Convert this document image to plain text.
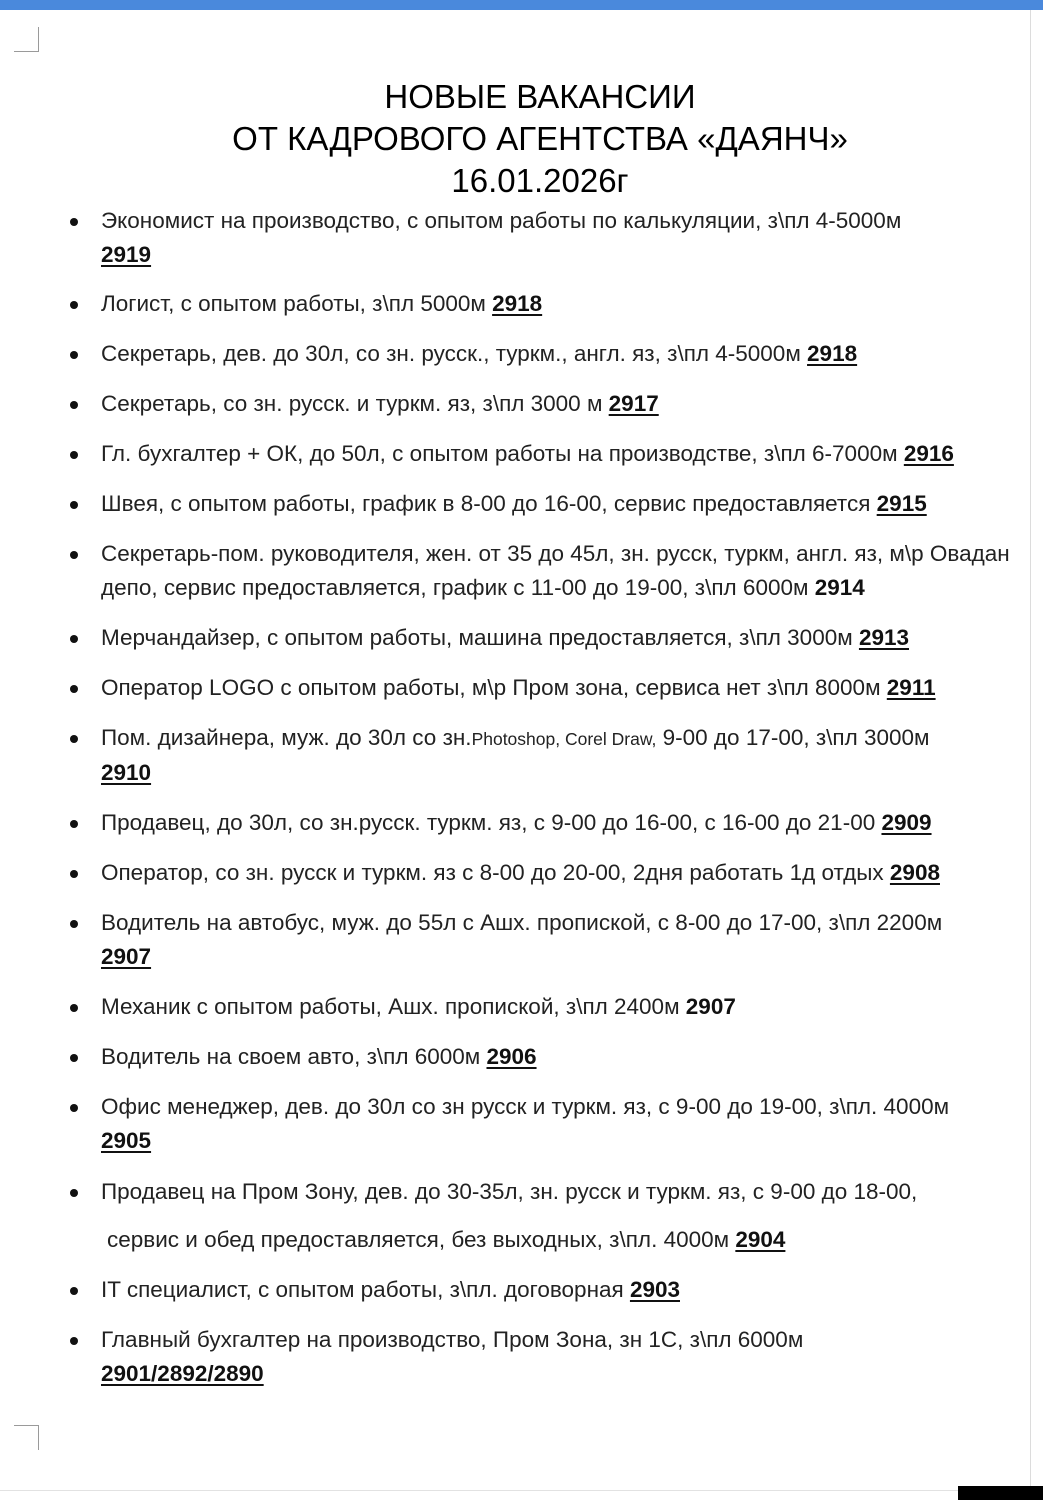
НОВЫЕ ВАКАНСИИ
ОТ КАДРОВОГО АГЕНТСТВА «ДАЯНЧ»
16.01.2026г
Экономист на производство, с опытом работы по калькуляции, з\пл 4-5000м
2919
Логист, с опытом работы, з\пл 5000м 2918
Секретарь, дев. до 30л, со зн. русск., туркм., англ. яз, з\пл 4-5000м 2918
Секретарь, со зн. русск. и туркм. яз, з\пл 3000 м 2917
Гл. бухгалтер + ОК, до 50л, с опытом работы на производстве, з\пл 6-7000м 2916
Швея, с опытом работы, график в 8-00 до 16-00, сервис предоставляется 2915
Секретарь-пом. руководителя, жен. от 35 до 45л, зн. русск, туркм, англ. яз, м\р Овадан депо, сервис предоставляется, график с 11-00 до 19-00, з\пл 6000м 2914
Мерчандайзер, с опытом работы, машина предоставляется, з\пл 3000м 2913
Оператор LOGO с опытом работы, м\р Пром зона, сервиса нет з\пл 8000м 2911
Пом. дизайнера, муж. до 30л со зн.Photoshop, Corel Draw, 9-00 до 17-00, з\пл 3000м
2910
Продавец, до 30л, со зн.русск. туркм. яз, с 9-00 до 16-00, с 16-00 до 21-00 2909
Оператор, со зн. русск и туркм. яз с 8-00 до 20-00, 2дня работать 1д отдых 2908
Водитель на автобус, муж. до 55л с Ашх. пропиской, с 8-00 до 17-00, з\пл 2200м
2907
Механик с опытом работы, Ашх. пропиской, з\пл 2400м 2907
Водитель на своем авто, з\пл 6000м 2906
Офис менеджер, дев. до 30л со зн русск и туркм. яз, с 9-00 до 19-00, з\пл. 4000м
2905
Продавец на Пром Зону, дев. до 30-35л, зн. русск и туркм. яз, с 9-00 до 18-00,
сервис и обед предоставляется, без выходных, з\пл. 4000м 2904
IT специалист, с опытом работы, з\пл. договорная 2903
Главный бухгалтер на производство, Пром Зона, зн 1С, з\пл 6000м
2901/2892/2890
